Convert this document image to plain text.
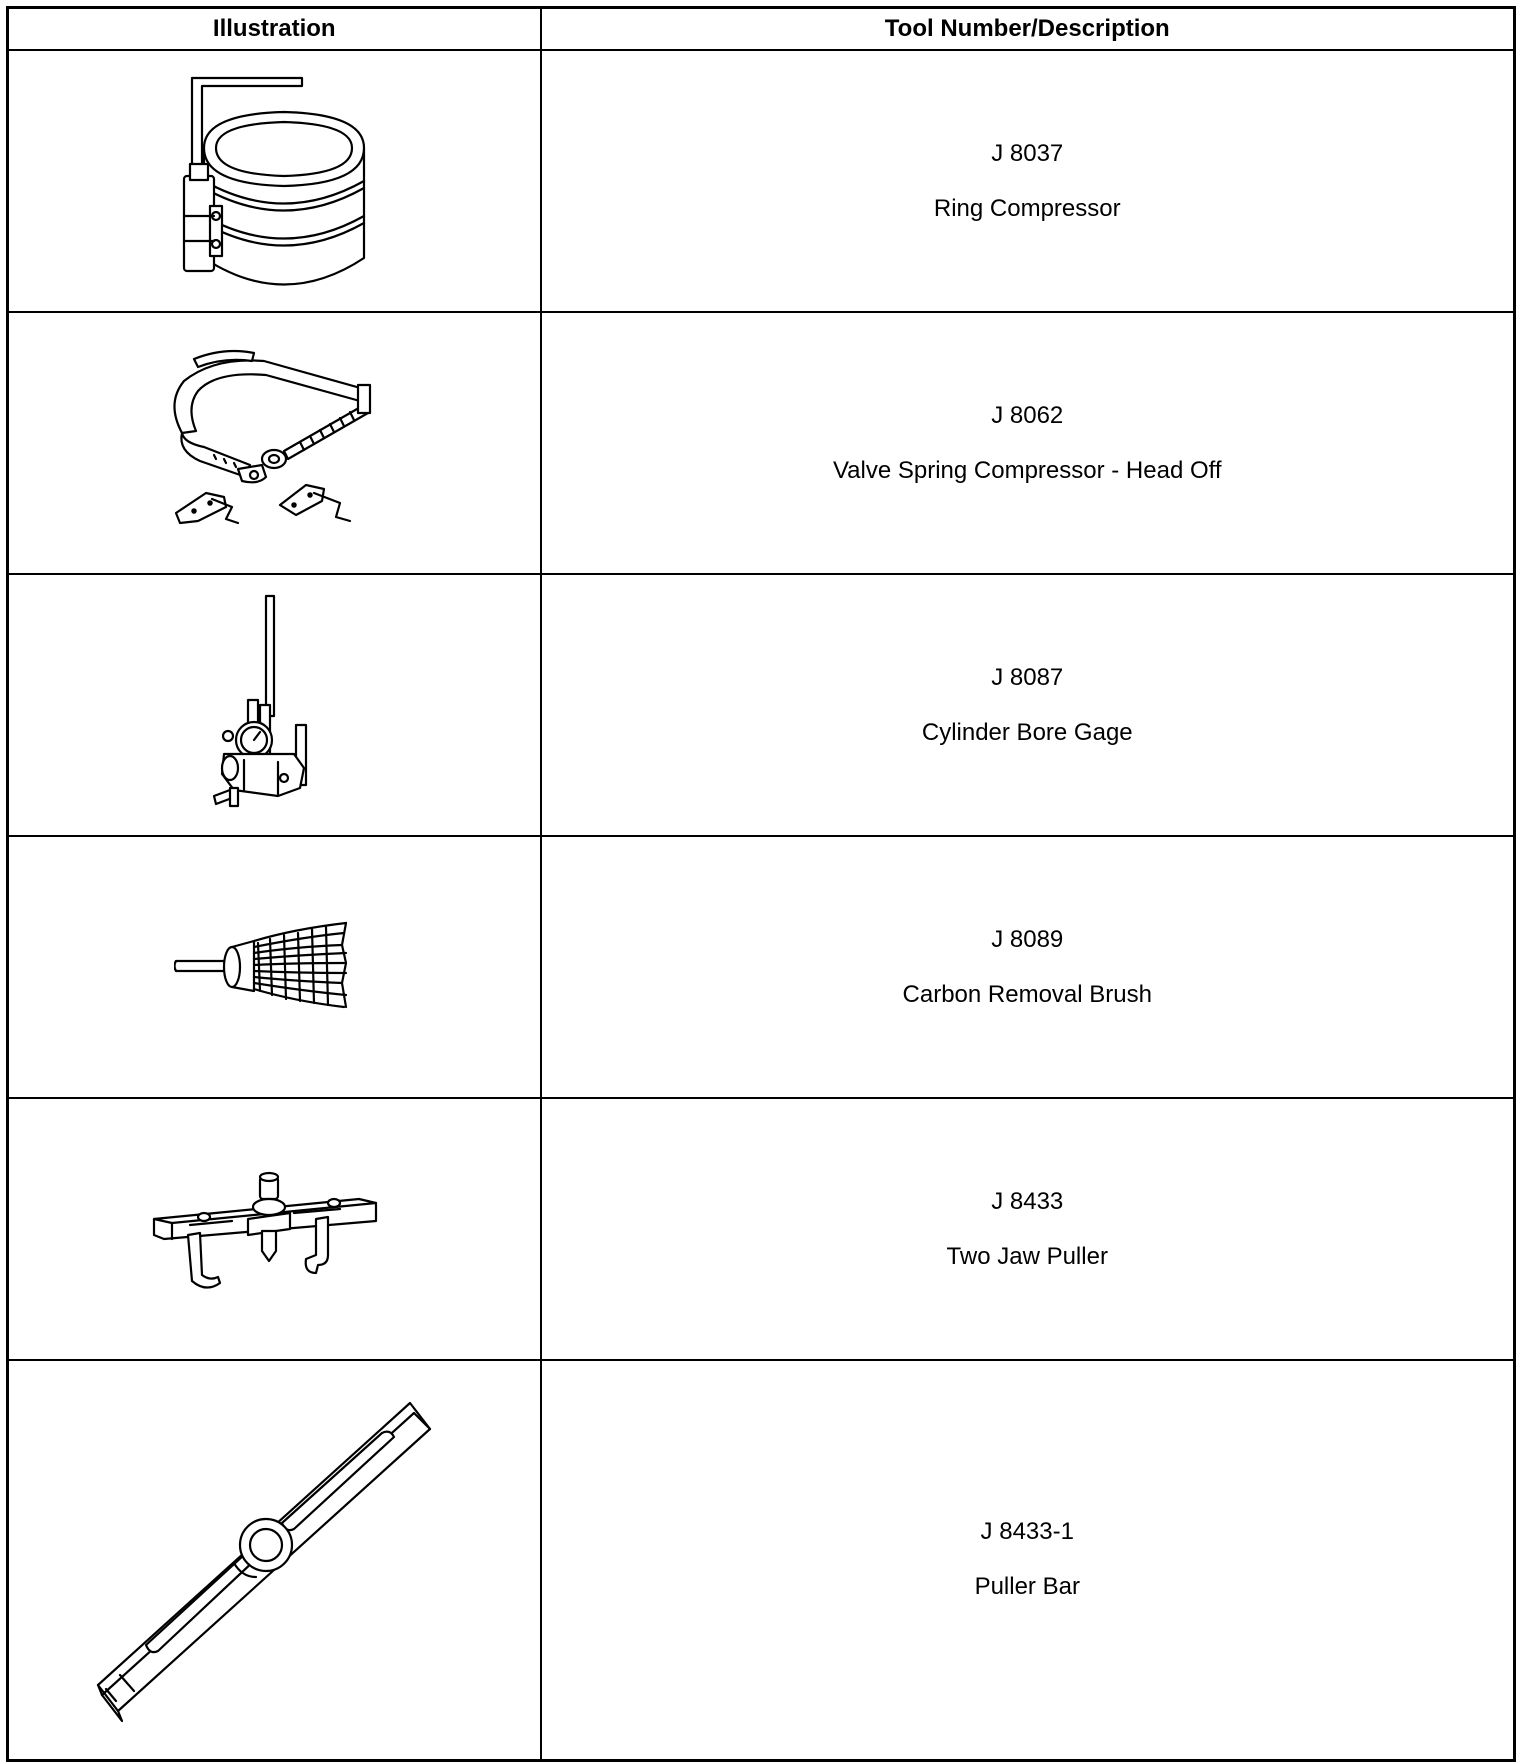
Illustration	Tool Number/Description

J 8037
Ring Compressor

J 8062
Valve Spring Compressor - Head Off

J 8087
Cylinder Bore Gage

J 8089
Carbon Removal Brush

J 8433
Two Jaw Puller

J 8433-1
Puller Bar
